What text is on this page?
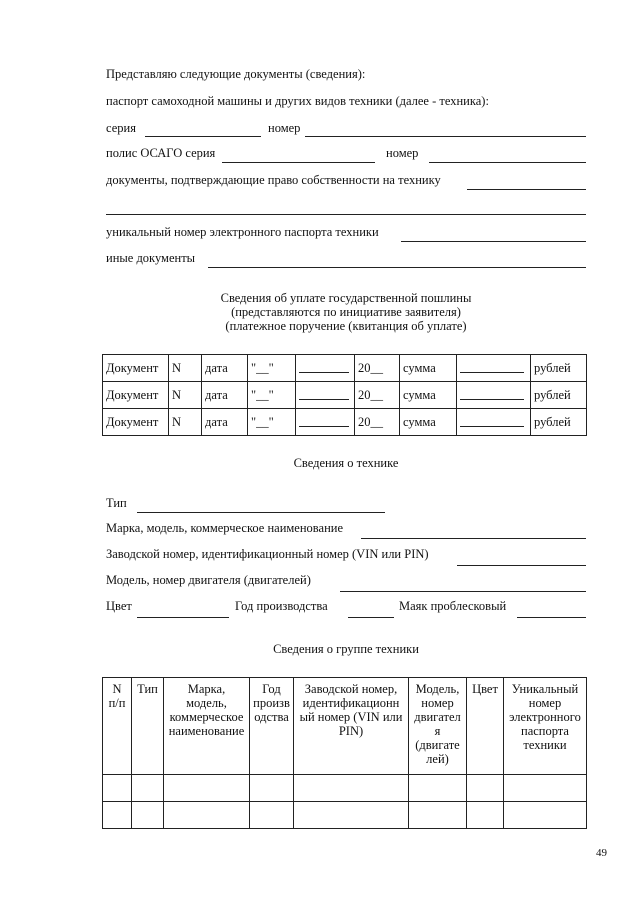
Представляю следующие документы (сведения):
паспорт самоходной машины и других видов техники (далее - техника):
серия	номер
полис ОСАГО серия	номер
документы, подтверждающие право собственности на технику
уникальный номер электронного паспорта техники
иные документы
Сведения об уплате государственной пошлины
(представляются по инициативе заявителя)
(платежное поручение (квитанция об уплате)
Документ	N	дата	"__"		20__	сумма		рублей
Документ	N	дата	"__"		20__	сумма		рублей
Документ	N	дата	"__"		20__	сумма		рублей
Сведения о технике
Тип
Марка, модель, коммерческое наименование
Заводской номер, идентификационный номер (VIN или PIN)
Модель, номер двигателя (двигателей)
Цвет	Год производства	Маяк проблесковый
Сведения о группе техники
N п/п	Тип	Марка, модель, коммерческое наименование	Год произв одства	Заводской номер, идентификационн ый номер (VIN или PIN)	Модель, номер двигател я (двигате лей)	Цвет	Уникальный номер электронного паспорта техники

49
